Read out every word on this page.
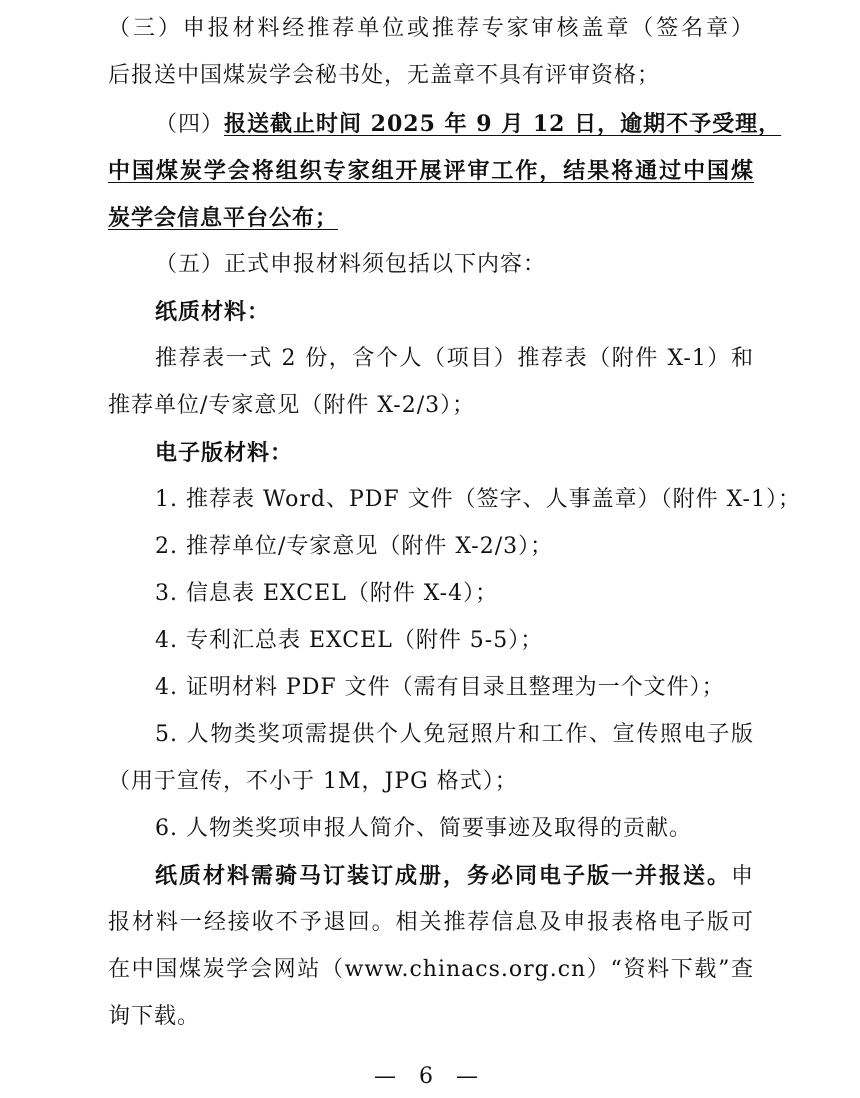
（三）申报材料经推荐单位或推荐专家审核盖章（签名章）
后报送中国煤炭学会秘书处，无盖章不具有评审资格；
（四）报送截止时间 2025 年 9 月 12 日，逾期不予受理，
中国煤炭学会将组织专家组开展评审工作，结果将通过中国煤
炭学会信息平台公布；
（五）正式申报材料须包括以下内容：
纸质材料：
推荐表一式 2 份，含个人（项目）推荐表（附件 X-1）和
推荐单位/专家意见（附件 X-2/3）；
电子版材料：
1. 推荐表 Word、PDF 文件（签字、人事盖章）（附件 X-1）；
2. 推荐单位/专家意见（附件 X-2/3）；
3. 信息表 EXCEL（附件 X-4）；
4. 专利汇总表 EXCEL（附件 5-5）；
4. 证明材料 PDF 文件（需有目录且整理为一个文件）；
5. 人物类奖项需提供个人免冠照片和工作、宣传照电子版
（用于宣传，不小于 1M，JPG 格式）；
6. 人物类奖项申报人简介、简要事迹及取得的贡献。
纸质材料需骑马订装订成册，务必同电子版一并报送。申
报材料一经接收不予退回。相关推荐信息及申报表格电子版可
在中国煤炭学会网站（www.chinacs.org.cn）“资料下载”查
询下载。
— 6 —
